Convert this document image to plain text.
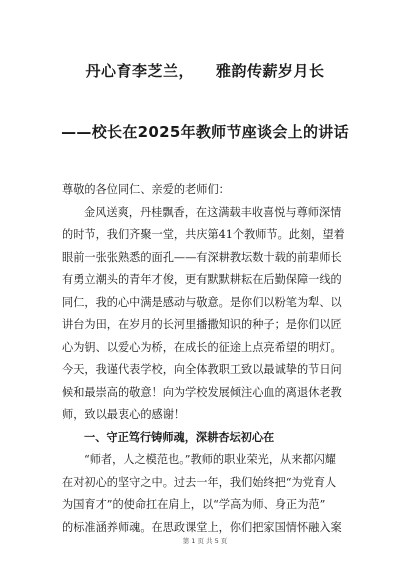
丹心育李芝兰， 雅韵传薪岁月长
——校长在2025年教师节座谈会上的讲话
尊敬的各位同仁、亲爱的老师们：
金风送爽，丹桂飘香，在这满载丰收喜悦与尊师深情
的时节，我们齐聚一堂，共庆第41个教师节。此刻，望着
眼前一张张熟悉的面孔——有深耕教坛数十载的前辈师长
有勇立潮头的青年才俊，更有默默耕耘在后勤保障一线的
同仁，我的心中满是感动与敬意。是你们以粉笔为犁、以
讲台为田，在岁月的长河里播撒知识的种子；是你们以匠
心为钥、以爱心为桥，在成长的征途上点亮希望的明灯。
今天，我谨代表学校，向全体教职工致以最诚挚的节日问
候和最崇高的敬意！向为学校发展倾注心血的离退休老教
师，致以最衷心的感谢！
一、守正笃行铸师魂，深耕杏坛初心在
“师者，人之模范也。”教师的职业荣光，从来都闪耀
在对初心的坚守之中。过去一年，我们始终把“为党育人
为国育才”的使命扛在肩上，以“学高为师、身正为范”
的标准涵养师魂。在思政课堂上，你们把家国情怀融入案
第 1 页 共 5 页
